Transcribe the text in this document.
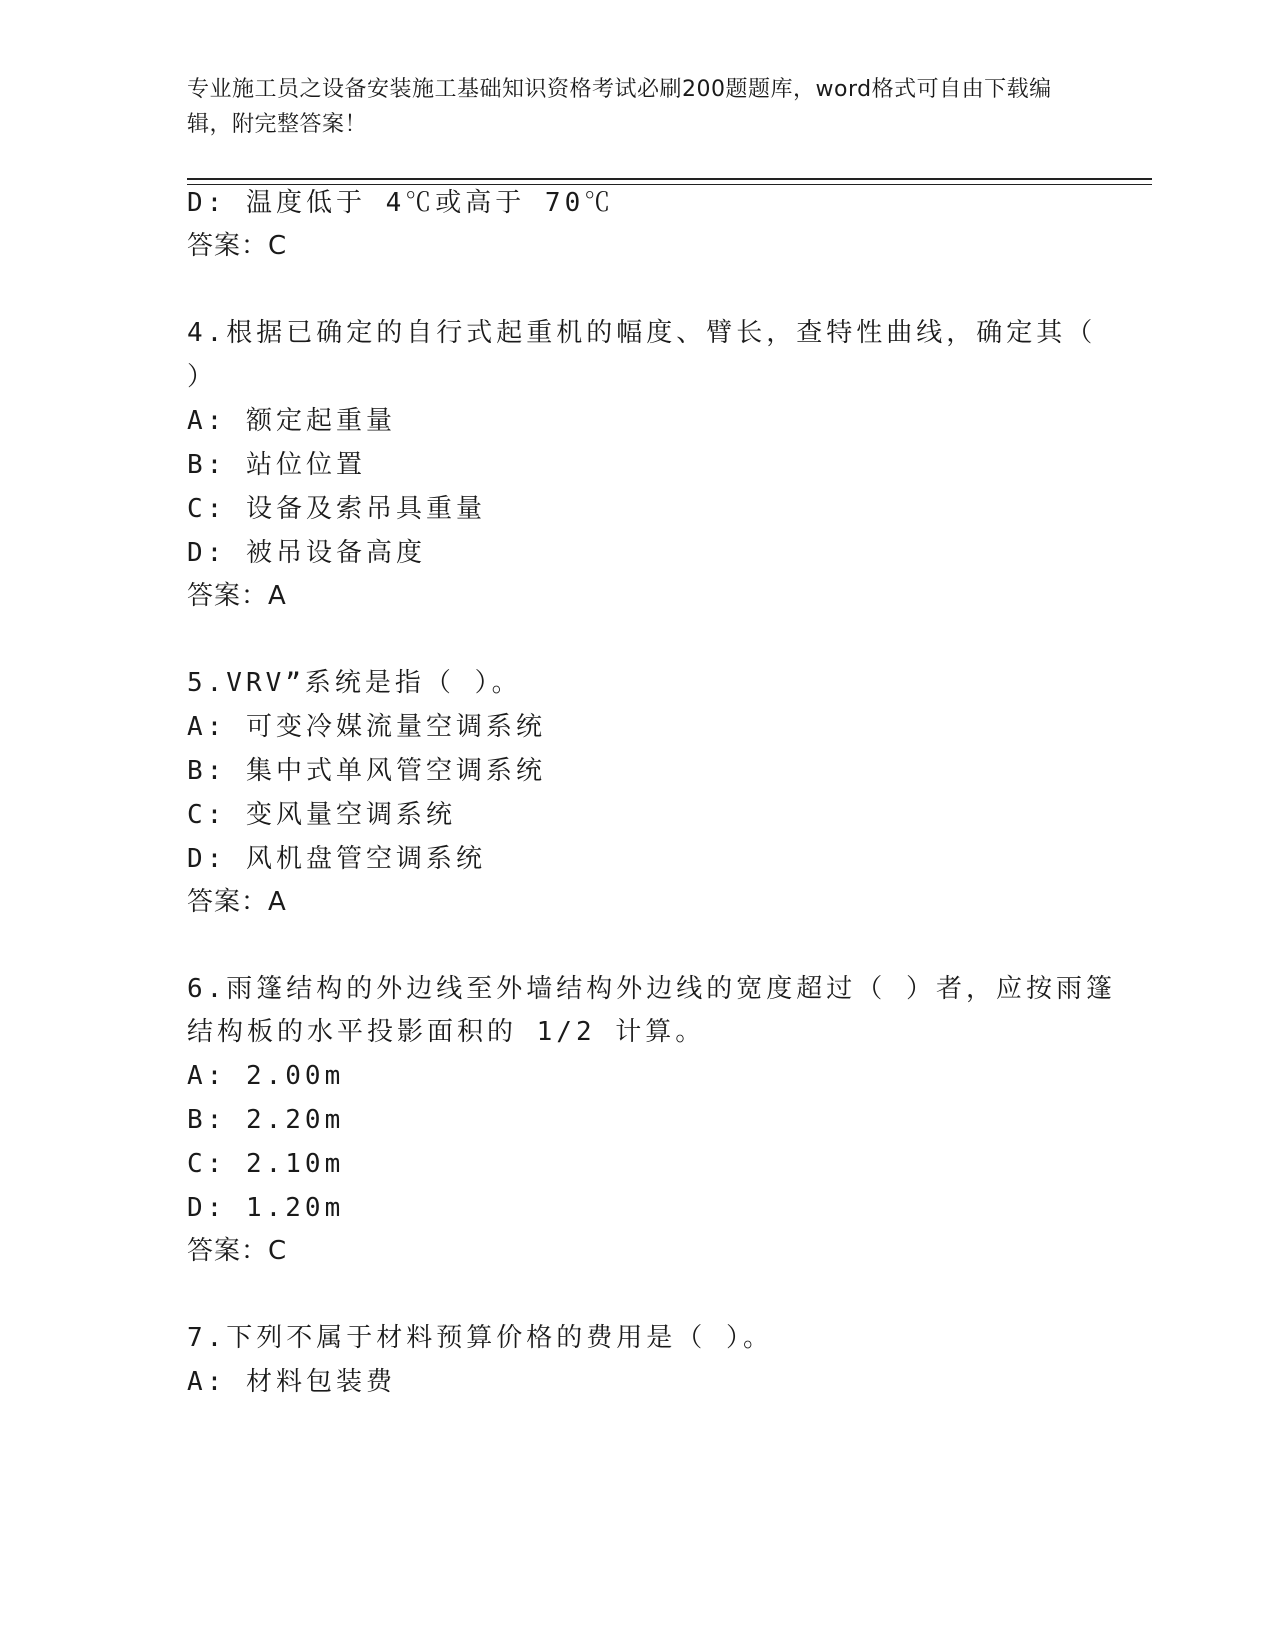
专业施工员之设备安装施工基础知识资格考试必刷200题题库，word格式可自由下载编辑，附完整答案！
D: 温度低于 4℃或高于 70℃
答案：C
4.根据已确定的自行式起重机的幅度、臂长，查特性曲线，确定其（
）
A: 额定起重量
B: 站位位置
C: 设备及索吊具重量
D: 被吊设备高度
答案：A
5.VRV”系统是指（ ）。
A: 可变冷媒流量空调系统
B: 集中式单风管空调系统
C: 变风量空调系统
D: 风机盘管空调系统
答案：A
6.雨篷结构的外边线至外墙结构外边线的宽度超过（ ）者，应按雨篷
结构板的水平投影面积的 1/2 计算。
A: 2.00m
B: 2.20m
C: 2.10m
D: 1.20m
答案：C
7.下列不属于材料预算价格的费用是（ ）。
A: 材料包装费
